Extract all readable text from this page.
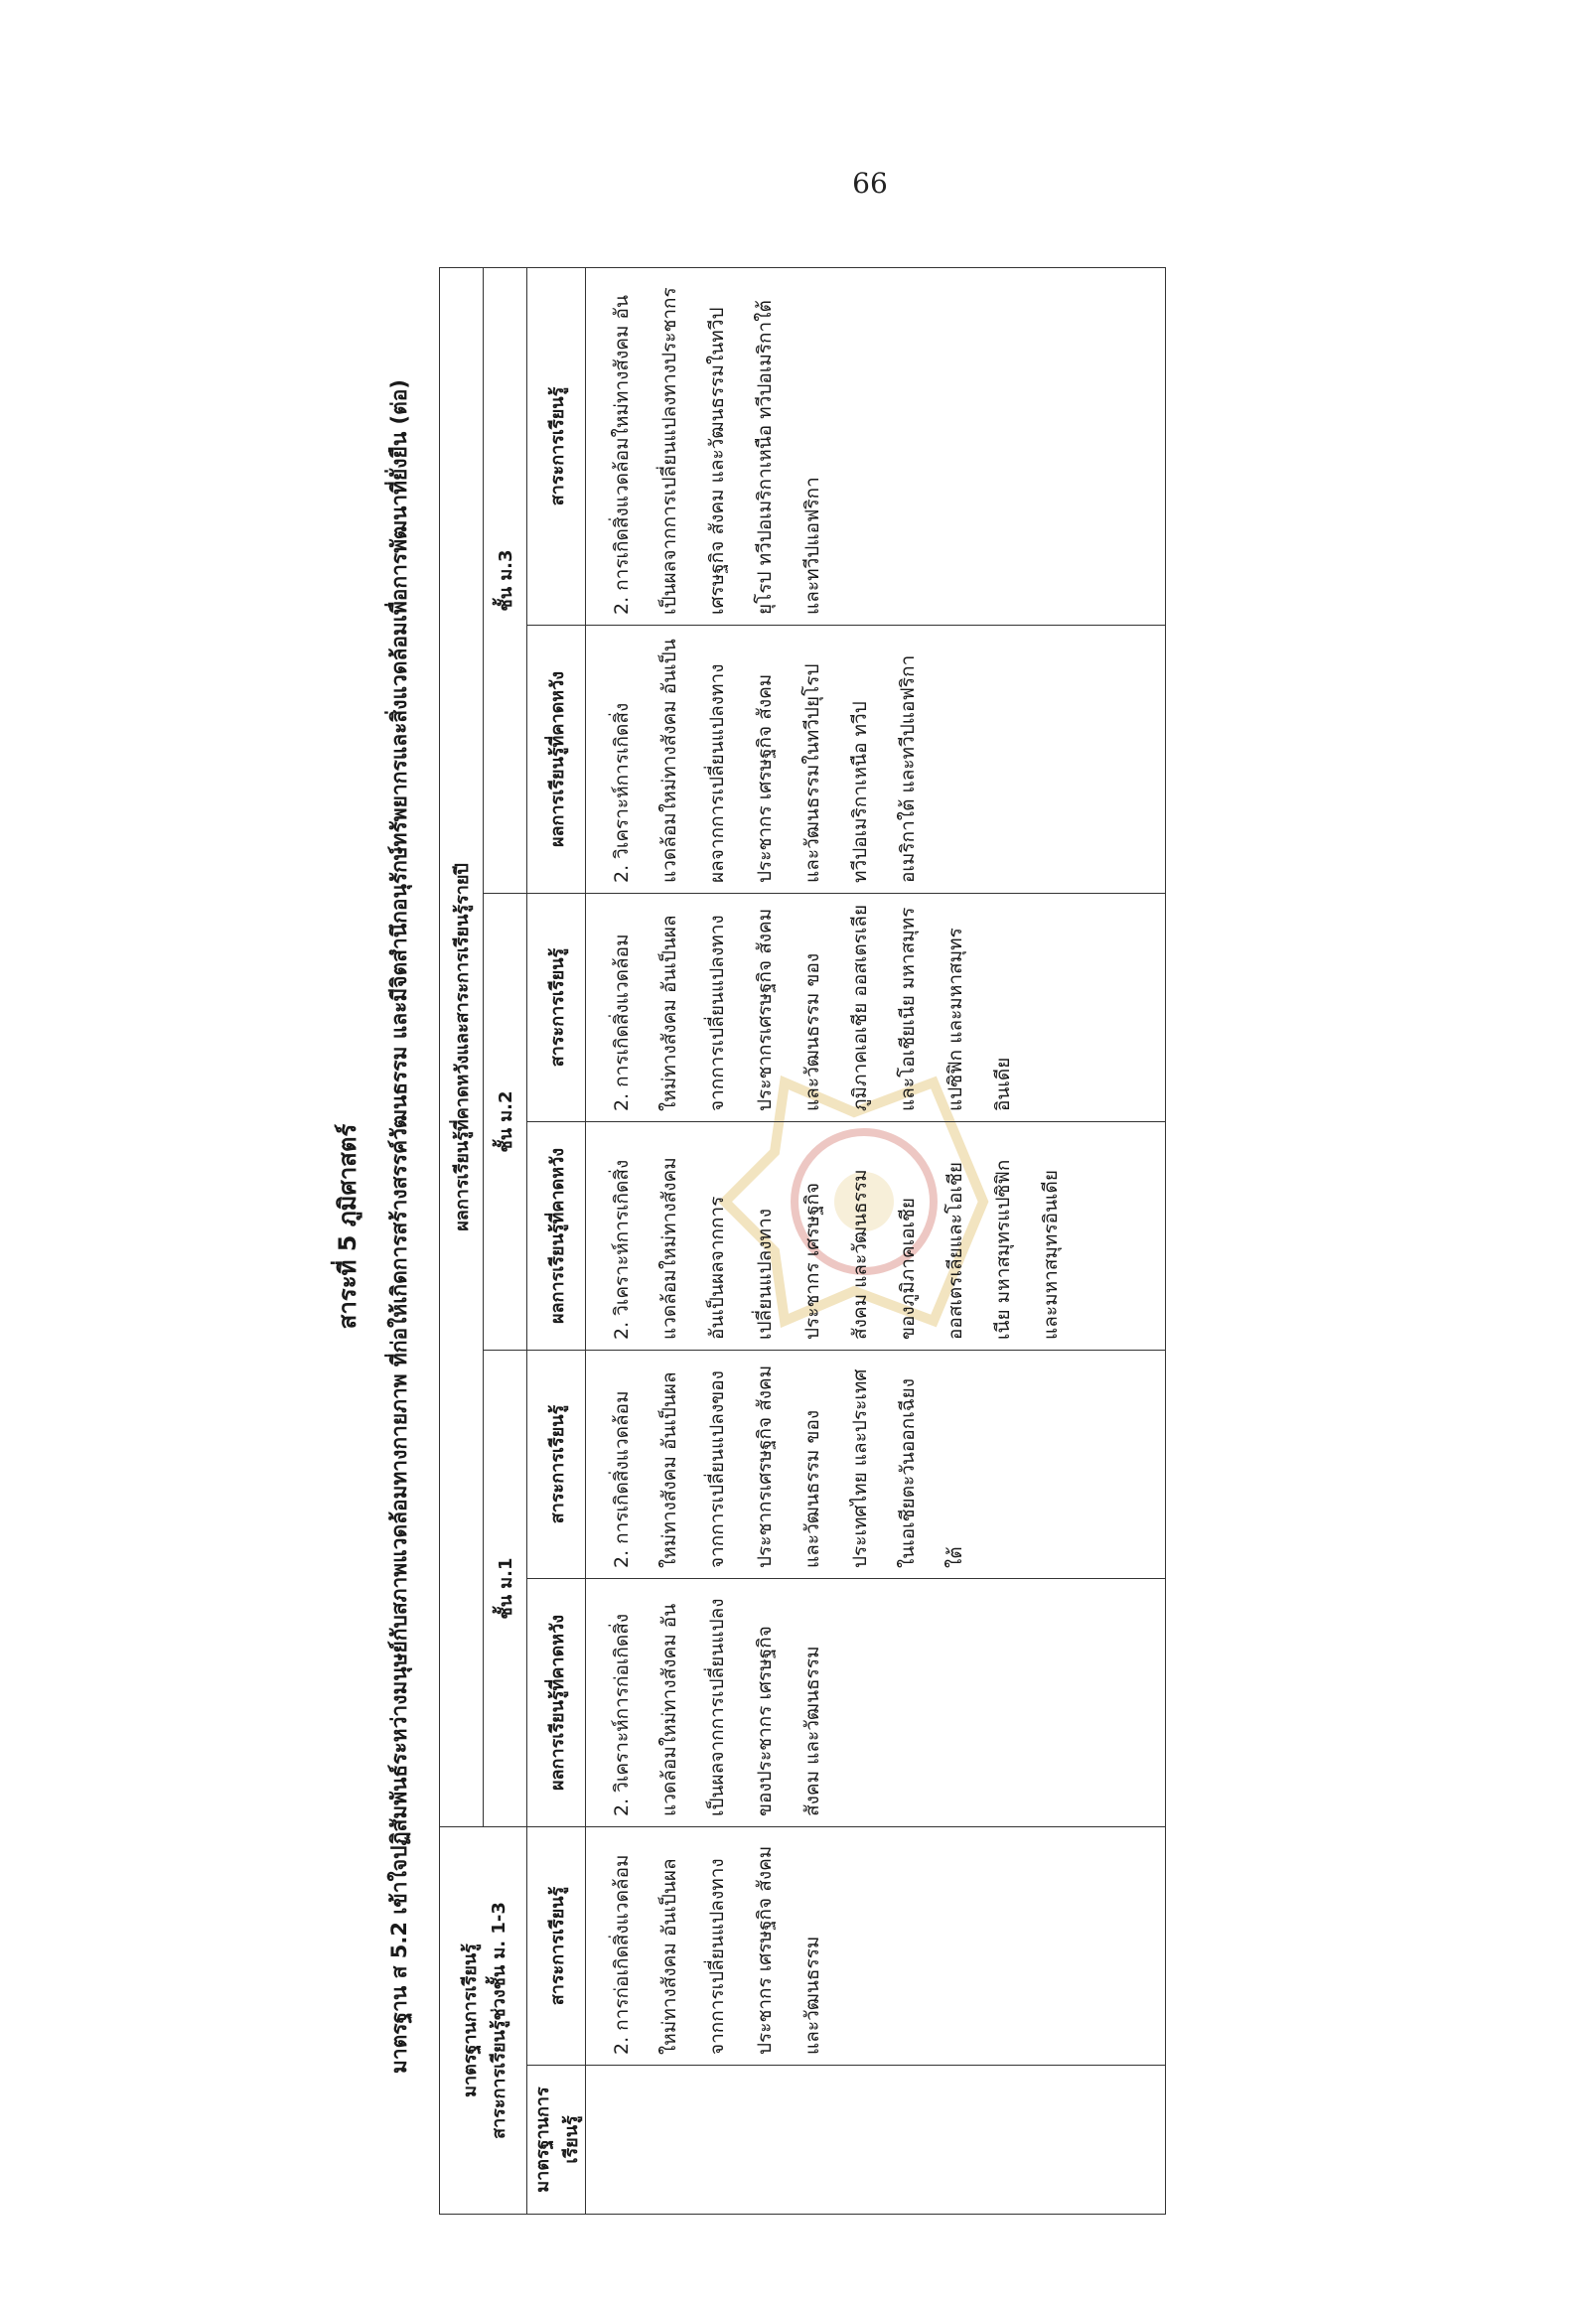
66
สาระที่ 5 ภูมิศาสตร์	มาตรฐาน ส 5.2 เข้าใจปฏิสัมพันธ์ระหว่างมนุษย์กับสภาพแวดล้อมทางกายภาพ ที่ก่อให้เกิดการสร้างสรรค์วัฒนธรรม และมีจิตสำนึกอนุรักษ์ทรัพยากรและสิ่งแวดล้อมเพื่อการพัฒนาที่ยั่งยืน (ต่อ)	มาตรฐานการเรียนรู้ สาระการเรียนรู้ช่วงชั้น ม. 1-3		ผลการเรียนรู้ที่คาดหวังและสาระการเรียนรู้รายปี					
		ชั้น ม.1		ชั้น ม.2		ชั้น ม.3	
มาตรฐานการเรียนรู้	สาระการเรียนรู้	ผลการเรียนรู้ที่คาดหวัง	สาระการเรียนรู้	ผลการเรียนรู้ที่คาดหวัง	สาระการเรียนรู้	ผลการเรียนรู้ที่คาดหวัง	สาระการเรียนรู้
	2. การก่อเกิดสิ่งแวดล้อมใหม่ทางสังคม อันเป็นผลจากการเปลี่ยนแปลงทางประชากร เศรษฐกิจ สังคม และวัฒนธรรม	2. วิเคราะห์การก่อเกิดสิ่งแวดล้อมใหม่ทางสังคม อันเป็นผลจากการเปลี่ยนแปลงของประชากร เศรษฐกิจ สังคม และวัฒนธรรม	2. การเกิดสิ่งแวดล้อมใหม่ทางสังคม อันเป็นผลจากการเปลี่ยนแปลงของประชากรเศรษฐกิจ สังคม และวัฒนธรรม ของประเทศไทย และประเทศในเอเชียตะวันออกเฉียงใต้	2. วิเคราะห์การเกิดสิ่งแวดล้อมใหม่ทางสังคม อันเป็นผลจากการเปลี่ยนแปลงทางประชากร เศรษฐกิจ สังคม และวัฒนธรรม ของภูมิภาคเอเชีย ออสเตรเลียและโอเชียเนีย มหาสมุทรแปซิฟิก และมหาสมุทรอินเดีย	2. การเกิดสิ่งแวดล้อมใหม่ทางสังคม อันเป็นผลจากการเปลี่ยนแปลงทางประชากรเศรษฐกิจ สังคม และวัฒนธรรม ของภูมิภาคเอเชีย ออสเตรเลียและโอเชียเนีย มหาสมุทรแปซิฟิก และมหาสมุทรอินเดีย	2. วิเคราะห์การเกิดสิ่งแวดล้อมใหม่ทางสังคม อันเป็นผลจากการเปลี่ยนแปลงทางประชากร เศรษฐกิจ สังคม และวัฒนธรรมในทวีปยุโรป ทวีปอเมริกาเหนือ ทวีปอเมริกาใต้ และทวีปแอฟริกา	2. การเกิดสิ่งแวดล้อมใหม่ทางสังคม อันเป็นผลจากการเปลี่ยนแปลงทางประชากร เศรษฐกิจ สังคม และวัฒนธรรมในทวีปยุโรป ทวีปอเมริกาเหนือ ทวีปอเมริกาใต้ และทวีปแอฟริกา
